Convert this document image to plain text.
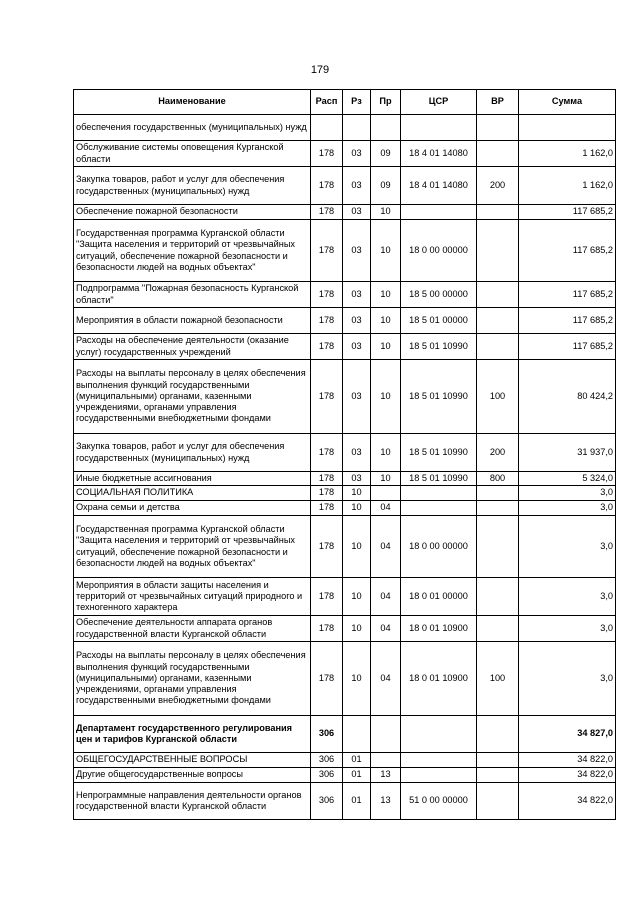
179
Наименование	Расп	Рз	Пр	ЦСР	ВР	Сумма
обеспечения государственных (муниципальных) нужд						
Обслуживание системы оповещения Курганской области	178	03	09	18 4 01 14080		1 162,0
Закупка товаров, работ и услуг для обеспечения государственных (муниципальных) нужд	178	03	09	18 4 01 14080	200	1 162,0
Обеспечение пожарной безопасности	178	03	10			117 685,2
Государственная программа Курганской области "Защита населения и территорий от чрезвычайных ситуаций, обеспечение пожарной безопасности и безопасности людей на водных объектах"	178	03	10	18 0 00 00000		117 685,2
Подпрограмма "Пожарная безопасность Курганской области"	178	03	10	18 5 00 00000		117 685,2
Мероприятия в области пожарной безопасности	178	03	10	18 5 01 00000		117 685,2
Расходы на обеспечение деятельности (оказание услуг) государственных учреждений	178	03	10	18 5 01 10990		117 685,2
Расходы на выплаты персоналу в целях обеспечения выполнения функций государственными (муниципальными) органами, казенными учреждениями, органами управления государственными внебюджетными фондами	178	03	10	18 5 01 10990	100	80 424,2
Закупка товаров, работ и услуг для обеспечения государственных (муниципальных) нужд	178	03	10	18 5 01 10990	200	31 937,0
Иные бюджетные ассигнования	178	03	10	18 5 01 10990	800	5 324,0
СОЦИАЛЬНАЯ ПОЛИТИКА	178	10				3,0
Охрана семьи и детства	178	10	04			3,0
Государственная программа Курганской области "Защита населения и территорий от чрезвычайных ситуаций, обеспечение пожарной безопасности и безопасности людей на водных объектах"	178	10	04	18 0 00 00000		3,0
Мероприятия в области защиты населения и территорий от чрезвычайных ситуаций природного и техногенного характера	178	10	04	18 0 01 00000		3,0
Обеспечение деятельности аппарата органов государственной власти Курганской области	178	10	04	18 0 01 10900		3,0
Расходы на выплаты персоналу в целях обеспечения выполнения функций государственными (муниципальными) органами, казенными учреждениями, органами управления государственными внебюджетными фондами	178	10	04	18 0 01 10900	100	3,0
Департамент государственного регулирования цен и тарифов Курганской области	306					34 827,0
ОБЩЕГОСУДАРСТВЕННЫЕ ВОПРОСЫ	306	01				34 822,0
Другие общегосударственные вопросы	306	01	13			34 822,0
Непрограммные направления деятельности органов государственной власти Курганской области	306	01	13	51 0 00 00000		34 822,0
